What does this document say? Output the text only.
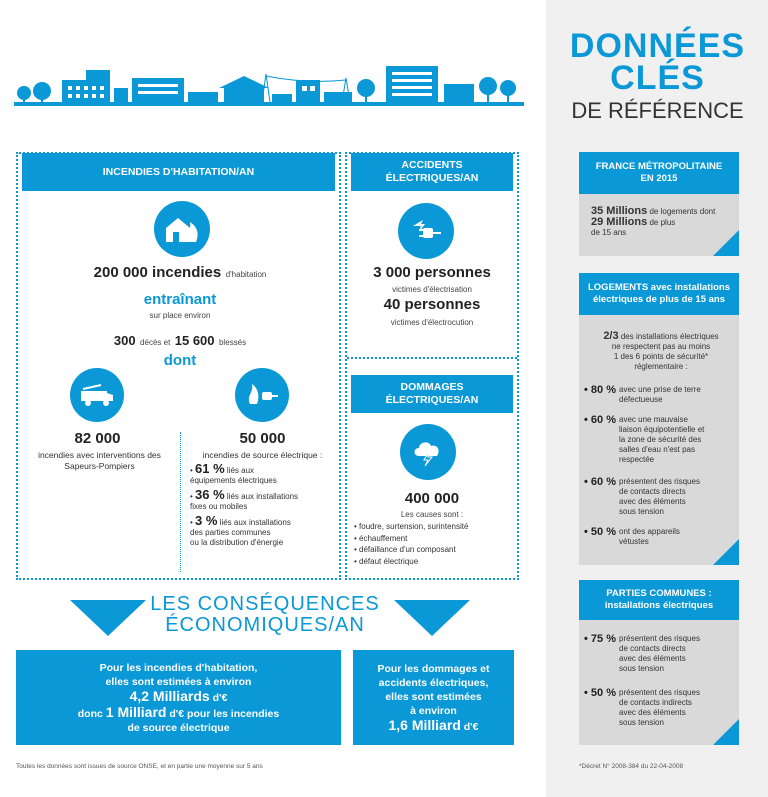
DONNÉES
CLÉS
DE RÉFÉRENCE
INCENDIES D'HABITATION/AN
200 000 incendies d'habitation
entraînant
sur place environ
300 décès et 15 600 blessés
dont
82 000
incendies avec interventions des Sapeurs-Pompiers
50 000
incendies de source électrique :
• 61 % liés aux
équipements électriques
• 36 % liés aux installations
fixes ou mobiles
• 3 % liés aux installations
des parties communes
ou la distribution d'énergie
ACCIDENTS ÉLECTRIQUES/AN
3 000 personnes
victimes d'électrisation
40 personnes
victimes d'électrocution
DOMMAGES ÉLECTRIQUES/AN
400 000
Les causes sont :
• foudre, surtension, surintensité
• échauffement
• défaillance d'un composant
• défaut électrique
LES CONSÉQUENCES
ÉCONOMIQUES/AN
Pour les incendies d'habitation,
elles sont estimées à environ
4,2 Milliards d'€
donc 1 Milliard d'€ pour les incendies
de source électrique
Pour les dommages et
accidents électriques,
elles sont estimées
à environ
1,6 Milliard d'€
Toutes les données sont issues de source ONSE, et en partie une moyenne sur 5 ans	*Décret N° 2008-384 du 22-04-2008
FRANCE MÉTROPOLITAINE
EN 2015
35 Millions de logements dont
29 Millions de plus
de 15 ans
LOGEMENTS avec installations
électriques de plus de 15 ans
2/3 des installations électriques
ne respectent pas au moins
1 des 6 points de sécurité*
réglementaire :
• 80 % avec une prise de terre
défectueuse
• 60 % avec une mauvaise
liaison équipotentielle et
la zone de sécurité des
salles d'eau n'est pas
respectée
• 60 % présentent des risques
de contacts directs
avec des éléments
sous tension
• 50 % ont des appareils
vétustes
PARTIES COMMUNES :
installations électriques
• 75 % présentent des risques
de contacts directs
avec des éléments
sous tension
• 50 % présentent des risques
de contacts indirects
avec des éléments
sous tension
